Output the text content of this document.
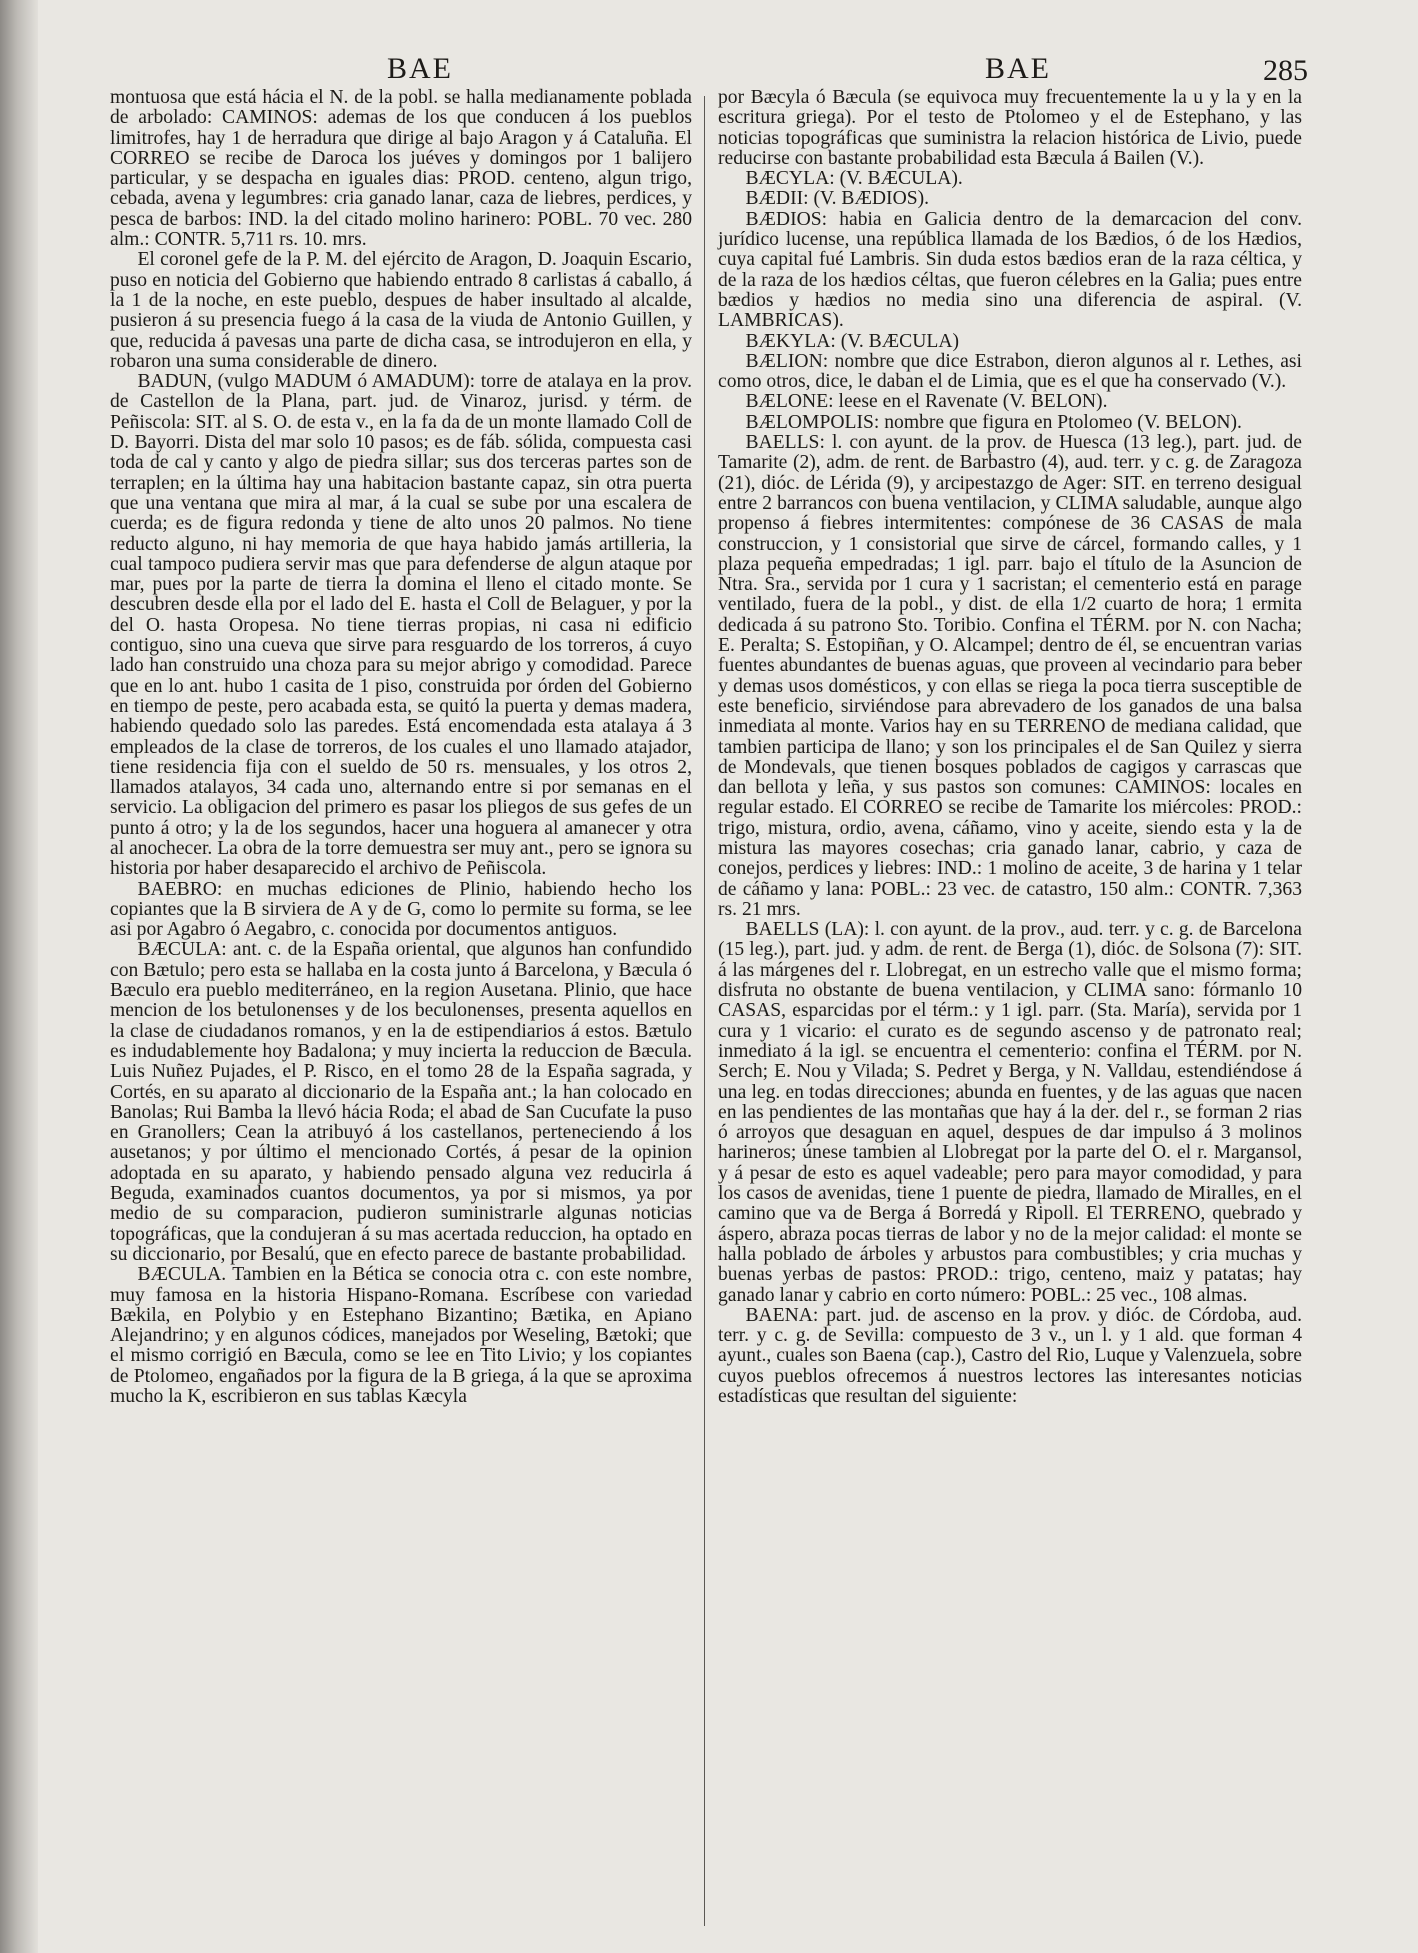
BAE	BAE	285

montuosa que está hácia el N. de la pobl. se halla medianamente poblada de arbolado: CAMINOS: ademas de los que conducen á los pueblos limitrofes, hay 1 de herradura que dirige al bajo Aragon y á Cataluña. El CORREO se recibe de Daroca los juéves y domingos por 1 balijero particular, y se despacha en iguales dias: PROD. centeno, algun trigo, cebada, avena y legumbres: cria ganado lanar, caza de liebres, perdices, y pesca de barbos: IND. la del citado molino harinero: POBL. 70 vec. 280 alm.: CONTR. 5,711 rs. 10. mrs.

El coronel gefe de la P. M. del ejército de Aragon, D. Joaquin Escario, puso en noticia del Gobierno que habiendo entrado 8 carlistas á caballo, á la 1 de la noche, en este pueblo, despues de haber insultado al alcalde, pusieron á su presencia fuego á la casa de la viuda de Antonio Guillen, y que, reducida á pavesas una parte de dicha casa, se introdujeron en ella, y robaron una suma considerable de dinero.

BADUN, (vulgo MADUM ó AMADUM): torre de atalaya en la prov. de Castellon de la Plana, part. jud. de Vinaroz, jurisd. y térm. de Peñiscola: SIT. al S. O. de esta v., en la fa da de un monte llamado Coll de D. Bayorri. Dista del mar solo 10 pasos; es de fáb. sólida, compuesta casi toda de cal y canto y algo de piedra sillar; sus dos terceras partes son de terraplen; en la última hay una habitacion bastante capaz, sin otra puerta que una ventana que mira al mar, á la cual se sube por una escalera de cuerda; es de figura redonda y tiene de alto unos 20 palmos. No tiene reducto alguno, ni hay memoria de que haya habido jamás artilleria, la cual tampoco pudiera servir mas que para defenderse de algun ataque por mar, pues por la parte de tierra la domina el lleno el citado monte. Se descubren desde ella por el lado del E. hasta el Coll de Belaguer, y por la del O. hasta Oropesa. No tiene tierras propias, ni casa ni edificio contiguo, sino una cueva que sirve para resguardo de los torreros, á cuyo lado han construido una choza para su mejor abrigo y comodidad. Parece que en lo ant. hubo 1 casita de 1 piso, construida por órden del Gobierno en tiempo de peste, pero acabada esta, se quitó la puerta y demas madera, habiendo quedado solo las paredes. Está encomendada esta atalaya á 3 empleados de la clase de torreros, de los cuales el uno llamado atajador, tiene residencia fija con el sueldo de 50 rs. mensuales, y los otros 2, llamados atalayos, 34 cada uno, alternando entre si por semanas en el servicio. La obligacion del primero es pasar los pliegos de sus gefes de un punto á otro; y la de los segundos, hacer una hoguera al amanecer y otra al anochecer. La obra de la torre demuestra ser muy ant., pero se ignora su historia por haber desaparecido el archivo de Peñiscola.

BAEBRO: en muchas ediciones de Plinio, habiendo hecho los copiantes que la B sirviera de A y de G, como lo permite su forma, se lee asi por Agabro ó Aegabro, c. conocida por documentos antiguos.

BÆCULA: ant. c. de la España oriental, que algunos han confundido con Bætulo; pero esta se hallaba en la costa junto á Barcelona, y Bæcula ó Bæculo era pueblo mediterráneo, en la region Ausetana. Plinio, que hace mencion de los betulonenses y de los beculonenses, presenta aquellos en la clase de ciudadanos romanos, y en la de estipendiarios á estos. Bætulo es indudablemente hoy Badalona; y muy incierta la reduccion de Bæcula. Luis Nuñez Pujades, el P. Risco, en el tomo 28 de la España sagrada, y Cortés, en su aparato al diccionario de la España ant.; la han colocado en Banolas; Rui Bamba la llevó hácia Roda; el abad de San Cucufate la puso en Granollers; Cean la atribuyó á los castellanos, perteneciendo á los ausetanos; y por último el mencionado Cortés, á pesar de la opinion adoptada en su aparato, y habiendo pensado alguna vez reducirla á Beguda, examinados cuantos documentos, ya por si mismos, ya por medio de su comparacion, pudieron suministrarle algunas noticias topográficas, que la condujeran á su mas acertada reduccion, ha optado en su diccionario, por Besalú, que en efecto parece de bastante probabilidad.

BÆCULA. Tambien en la Bética se conocia otra c. con este nombre, muy famosa en la historia Hispano-Romana. Escríbese con variedad Bækila, en Polybio y en Estephano Bizantino; Bætika, en Apiano Alejandrino; y en algunos códices, manejados por Weseling, Bætoki; que el mismo corrigió en Bæcula, como se lee en Tito Livio; y los copiantes de Ptolomeo, engañados por la figura de la B griega, á la que se aproxima mucho la K, escribieron en sus tablas Kæcyla

por Bæcyla ó Bæcula (se equivoca muy frecuentemente la u y la y en la escritura griega). Por el testo de Ptolomeo y el de Estephano, y las noticias topográficas que suministra la relacion histórica de Livio, puede reducirse con bastante probabilidad esta Bæcula á Bailen (V.).

BÆCYLA: (V. BÆCULA).

BÆDII: (V. BÆDIOS).

BÆDIOS: habia en Galicia dentro de la demarcacion del conv. jurídico lucense, una república llamada de los Bædios, ó de los Hædios, cuya capital fué Lambris. Sin duda estos bædios eran de la raza céltica, y de la raza de los hædios céltas, que fueron célebres en la Galia; pues entre bædios y hædios no media sino una diferencia de aspiral. (V. LAMBRICAS).

BÆKYLA: (V. BÆCULA)

BÆLION: nombre que dice Estrabon, dieron algunos al r. Lethes, asi como otros, dice, le daban el de Limia, que es el que ha conservado (V.).

BÆLONE: leese en el Ravenate (V. BELON).

BÆLOMPOLIS: nombre que figura en Ptolomeo (V. BELON).

BAELLS: l. con ayunt. de la prov. de Huesca (13 leg.), part. jud. de Tamarite (2), adm. de rent. de Barbastro (4), aud. terr. y c. g. de Zaragoza (21), dióc. de Lérida (9), y arcipestazgo de Ager: SIT. en terreno desigual entre 2 barrancos con buena ventilacion, y CLIMA saludable, aunque algo propenso á fiebres intermitentes: compónese de 36 CASAS de mala construccion, y 1 consistorial que sirve de cárcel, formando calles, y 1 plaza pequeña empedradas; 1 igl. parr. bajo el título de la Asuncion de Ntra. Sra., servida por 1 cura y 1 sacristan; el cementerio está en parage ventilado, fuera de la pobl., y dist. de ella 1/2 cuarto de hora; 1 ermita dedicada á su patrono Sto. Toribio. Confina el TÉRM. por N. con Nacha; E. Peralta; S. Estopiñan, y O. Alcampel; dentro de él, se encuentran varias fuentes abundantes de buenas aguas, que proveen al vecindario para beber y demas usos domésticos, y con ellas se riega la poca tierra susceptible de este beneficio, sirviéndose para abrevadero de los ganados de una balsa inmediata al monte. Varios hay en su TERRENO de mediana calidad, que tambien participa de llano; y son los principales el de San Quilez y sierra de Mondevals, que tienen bosques poblados de cagigos y carrascas que dan bellota y leña, y sus pastos son comunes: CAMINOS: locales en regular estado. El CORREO se recibe de Tamarite los miércoles: PROD.: trigo, mistura, ordio, avena, cáñamo, vino y aceite, siendo esta y la de mistura las mayores cosechas; cria ganado lanar, cabrio, y caza de conejos, perdices y liebres: IND.: 1 molino de aceite, 3 de harina y 1 telar de cáñamo y lana: POBL.: 23 vec. de catastro, 150 alm.: CONTR. 7,363 rs. 21 mrs.

BAELLS (LA): l. con ayunt. de la prov., aud. terr. y c. g. de Barcelona (15 leg.), part. jud. y adm. de rent. de Berga (1), dióc. de Solsona (7): SIT. á las márgenes del r. Llobregat, en un estrecho valle que el mismo forma; disfruta no obstante de buena ventilacion, y CLIMA sano: fórmanlo 10 CASAS, esparcidas por el térm.: y 1 igl. parr. (Sta. María), servida por 1 cura y 1 vicario: el curato es de segundo ascenso y de patronato real; inmediato á la igl. se encuentra el cementerio: confina el TÉRM. por N. Serch; E. Nou y Vilada; S. Pedret y Berga, y N. Valldau, estendiéndose á una leg. en todas direcciones; abunda en fuentes, y de las aguas que nacen en las pendientes de las montañas que hay á la der. del r., se forman 2 rias ó arroyos que desaguan en aquel, despues de dar impulso á 3 molinos harineros; únese tambien al Llobregat por la parte del O. el r. Margansol, y á pesar de esto es aquel vadeable; pero para mayor comodidad, y para los casos de avenidas, tiene 1 puente de piedra, llamado de Miralles, en el camino que va de Berga á Borredá y Ripoll. El TERRENO, quebrado y áspero, abraza pocas tierras de labor y no de la mejor calidad: el monte se halla poblado de árboles y arbustos para combustibles; y cria muchas y buenas yerbas de pastos: PROD.: trigo, centeno, maiz y patatas; hay ganado lanar y cabrio en corto número: POBL.: 25 vec., 108 almas.

BAENA: part. jud. de ascenso en la prov. y dióc. de Córdoba, aud. terr. y c. g. de Sevilla: compuesto de 3 v., un l. y 1 ald. que forman 4 ayunt., cuales son Baena (cap.), Castro del Rio, Luque y Valenzuela, sobre cuyos pueblos ofrecemos á nuestros lectores las interesantes noticias estadísticas que resultan del siguiente:
